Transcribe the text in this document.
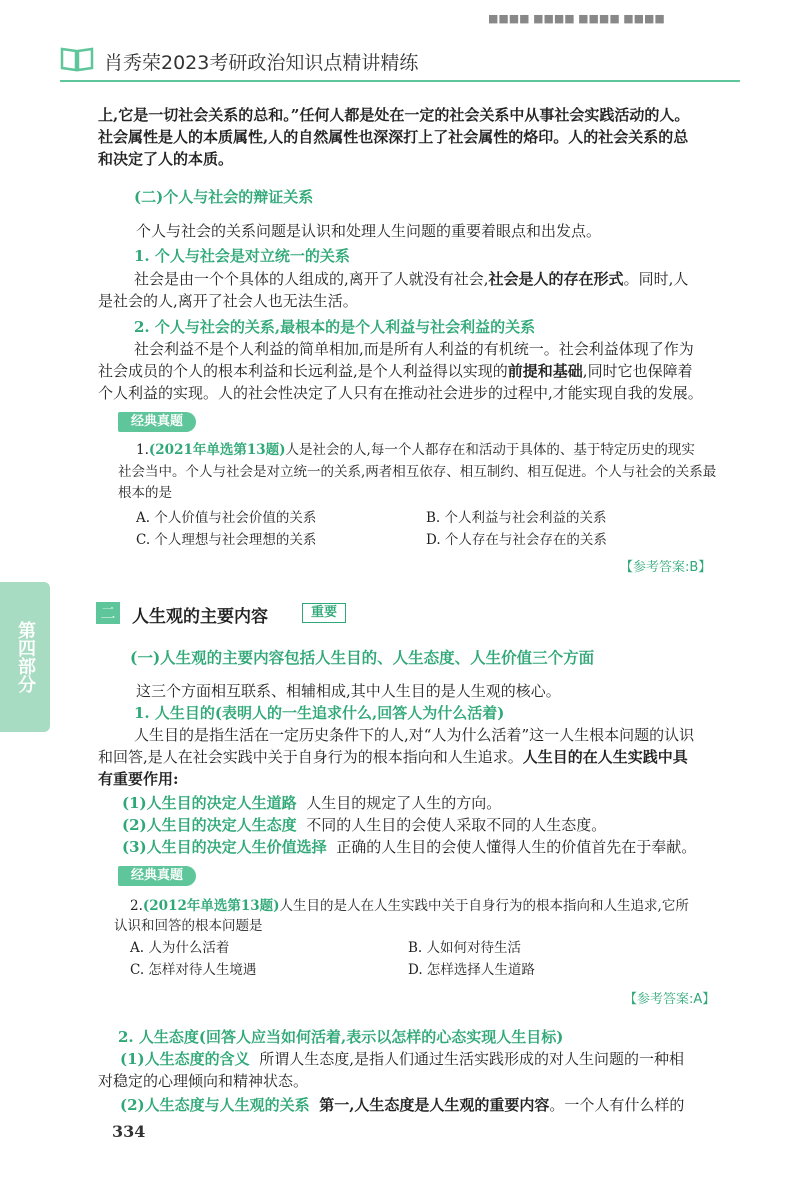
■■■■ ■■■■ ■■■■ ■■■■
肖秀荣2023考研政治知识点精讲精练
第四部分
上,它是一切社会关系的总和。”任何人都是处在一定的社会关系中从事社会实践活动的人。
社会属性是人的本质属性,人的自然属性也深深打上了社会属性的烙印。人的社会关系的总
和决定了人的本质。
(二)个人与社会的辩证关系
个人与社会的关系问题是认识和处理人生问题的重要着眼点和出发点。
1. 个人与社会是对立统一的关系
社会是由一个个具体的人组成的,离开了人就没有社会,社会是人的存在形式。同时,人
是社会的人,离开了社会人也无法生活。
2. 个人与社会的关系,最根本的是个人利益与社会利益的关系
社会利益不是个人利益的简单相加,而是所有人利益的有机统一。社会利益体现了作为
社会成员的个人的根本利益和长远利益,是个人利益得以实现的前提和基础,同时它也保障着
个人利益的实现。人的社会性决定了人只有在推动社会进步的过程中,才能实现自我的发展。
经典真题
1.(2021年单选第13题)人是社会的人,每一个人都存在和活动于具体的、基于特定历史的现实
社会当中。个人与社会是对立统一的关系,两者相互依存、相互制约、相互促进。个人与社会的关系最
根本的是
A. 个人价值与社会价值的关系	B. 个人利益与社会利益的关系
C. 个人理想与社会理想的关系	D. 个人存在与社会存在的关系
【参考答案:B】
二 人生观的主要内容	重要
(一)人生观的主要内容包括人生目的、人生态度、人生价值三个方面
这三个方面相互联系、相辅相成,其中人生目的是人生观的核心。
1. 人生目的(表明人的一生追求什么,回答人为什么活着)
人生目的是指生活在一定历史条件下的人,对“人为什么活着”这一人生根本问题的认识
和回答,是人在社会实践中关于自身行为的根本指向和人生追求。人生目的在人生实践中具
有重要作用:
(1)人生目的决定人生道路 人生目的规定了人生的方向。
(2)人生目的决定人生态度 不同的人生目的会使人采取不同的人生态度。
(3)人生目的决定人生价值选择 正确的人生目的会使人懂得人生的价值首先在于奉献。
经典真题
2.(2012年单选第13题)人生目的是人在人生实践中关于自身行为的根本指向和人生追求,它所
认识和回答的根本问题是
A. 人为什么活着	B. 人如何对待生活
C. 怎样对待人生境遇	D. 怎样选择人生道路
【参考答案:A】
2. 人生态度(回答人应当如何活着,表示以怎样的心态实现人生目标)
(1)人生态度的含义 所谓人生态度,是指人们通过生活实践形成的对人生问题的一种相
对稳定的心理倾向和精神状态。
(2)人生态度与人生观的关系 第一,人生态度是人生观的重要内容。一个人有什么样的
334
